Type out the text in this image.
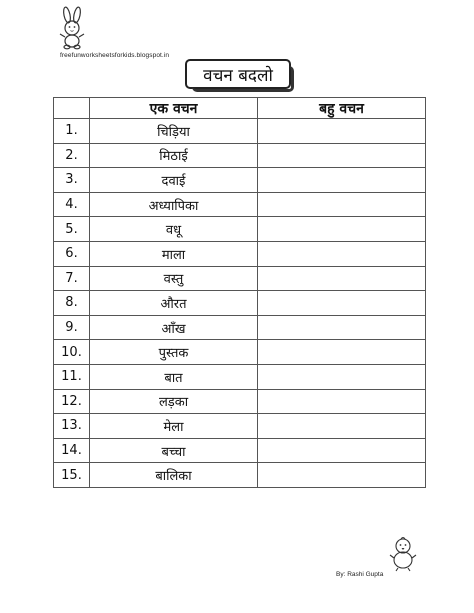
freefunworksheetsforkids.blogspot.in
वचन बदलो
	एक वचन	बहु वचन
1.	चिड़िया	
2.	मिठाई	
3.	दवाई	
4.	अध्यापिका	
5.	वधू	
6.	माला	
7.	वस्तु	
8.	औरत	
9.	आँख	
10.	पुस्तक	
11.	बात	
12.	लड़का	
13.	मेला	
14.	बच्चा	
15.	बालिका	
By: Rashi Gupta
